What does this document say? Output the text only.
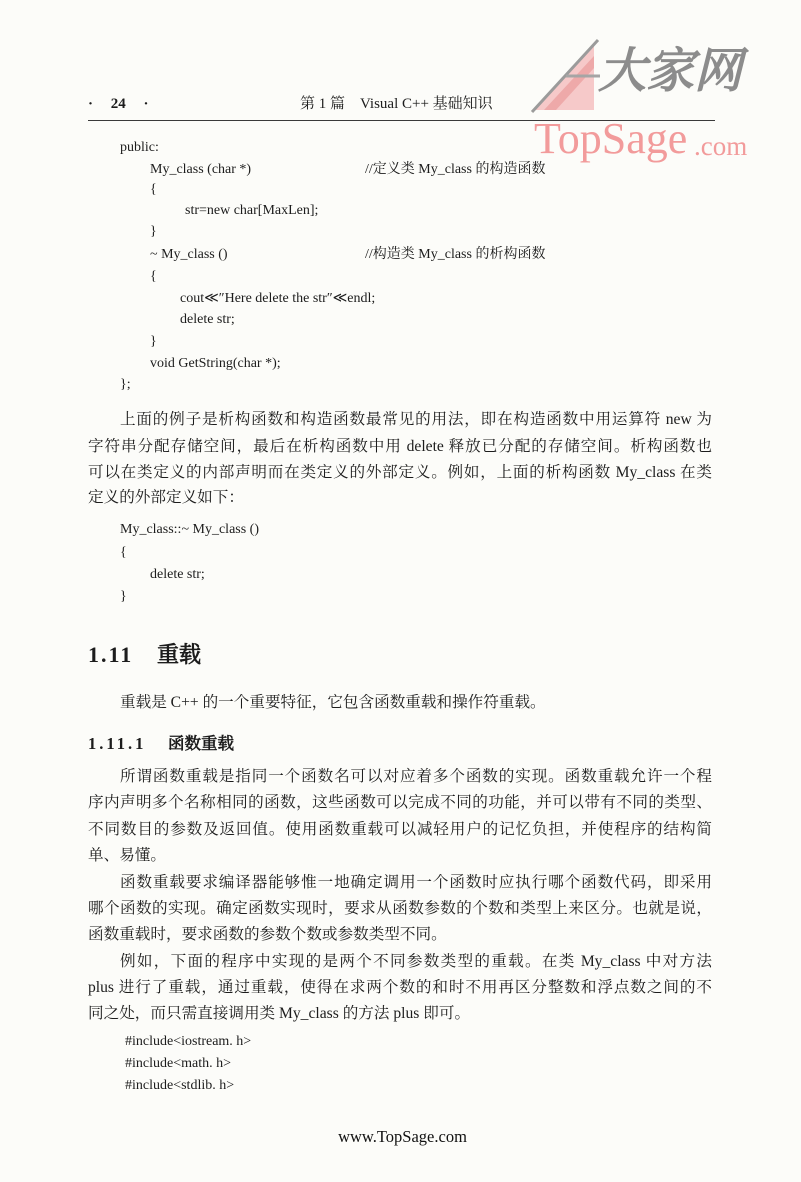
· 24 ·	第 1 篇　Visual C++ 基础知识
大家网
TopSage .com
public:
My_class (char *)	//定义类 My_class 的构造函数
{
str=new char[MaxLen];
}
~ My_class ()	//构造类 My_class 的析构函数
{
cout≪″Here delete the str″≪endl;
delete str;
}
void GetString(char *);
};
上面的例子是析构函数和构造函数最常见的用法，即在构造函数中用运算符 new 为
字符串分配存储空间，最后在析构函数中用 delete 释放已分配的存储空间。析构函数也
可以在类定义的内部声明而在类定义的外部定义。例如，上面的析构函数 My_class 在类
定义的外部定义如下：
My_class::~ My_class ()
{
delete str;
}
1.11 重载
重载是 C++ 的一个重要特征，它包含函数重载和操作符重载。
1.11.1 函数重载
所谓函数重载是指同一个函数名可以对应着多个函数的实现。函数重载允许一个程
序内声明多个名称相同的函数，这些函数可以完成不同的功能，并可以带有不同的类型、
不同数目的参数及返回值。使用函数重载可以减轻用户的记忆负担，并使程序的结构简
单、易懂。
函数重载要求编译器能够惟一地确定调用一个函数时应执行哪个函数代码，即采用
哪个函数的实现。确定函数实现时，要求从函数参数的个数和类型上来区分。也就是说，
函数重载时，要求函数的参数个数或参数类型不同。
例如，下面的程序中实现的是两个不同参数类型的重载。在类 My_class 中对方法
plus 进行了重载，通过重载，使得在求两个数的和时不用再区分整数和浮点数之间的不
同之处，而只需直接调用类 My_class 的方法 plus 即可。
#include<iostream. h>
#include<math. h>
#include<stdlib. h>
www.TopSage.com
